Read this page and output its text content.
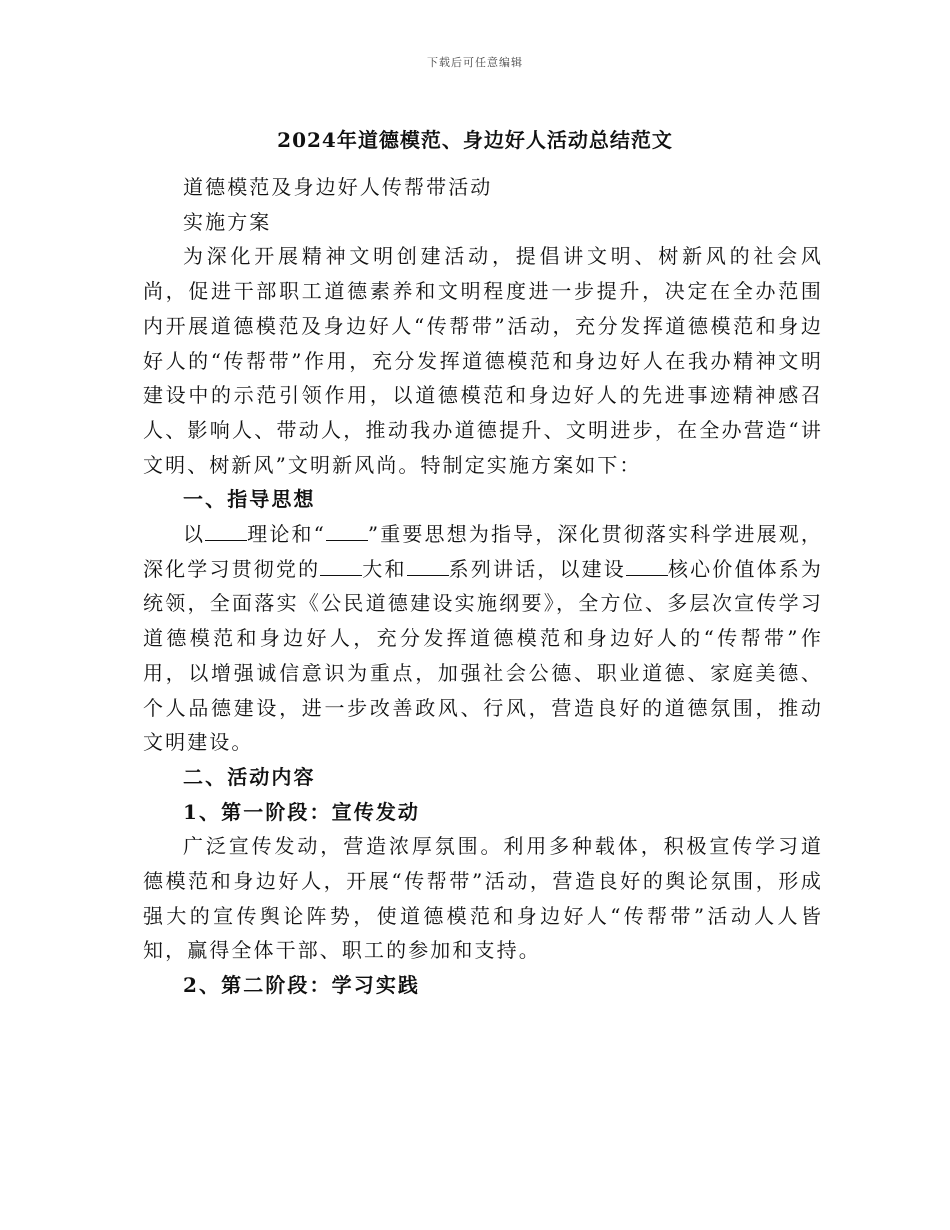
下载后可任意编辑
2024年道德模范、身边好人活动总结范文

道德模范及身边好人传帮带活动

实施方案

为深化开展精神文明创建活动，提倡讲文明、树新风的社会风尚，促进干部职工道德素养和文明程度进一步提升，决定在全办范围内开展道德模范及身边好人“传帮带”活动，充分发挥道德模范和身边好人的“传帮带”作用，充分发挥道德模范和身边好人在我办精神文明建设中的示范引领作用，以道德模范和身边好人的先进事迹精神感召人、影响人、带动人，推动我办道德提升、文明进步，在全办营造“讲文明、树新风”文明新风尚。特制定实施方案如下：

一、指导思想

以 理论和“ ”重要思想为指导，深化贯彻落实科学进展观，深化学习贯彻党的 大和 系列讲话，以建设 核心价值体系为统领，全面落实《公民道德建设实施纲要》，全方位、多层次宣传学习道德模范和身边好人，充分发挥道德模范和身边好人的“传帮带”作用，以增强诚信意识为重点，加强社会公德、职业道德、家庭美德、个人品德建设，进一步改善政风、行风，营造良好的道德氛围，推动文明建设。

二、活动内容

1、第一阶段：宣传发动

广泛宣传发动，营造浓厚氛围。利用多种载体，积极宣传学习道德模范和身边好人，开展“传帮带”活动，营造良好的舆论氛围，形成强大的宣传舆论阵势，使道德模范和身边好人“传帮带”活动人人皆知，赢得全体干部、职工的参加和支持。

2、第二阶段：学习实践
